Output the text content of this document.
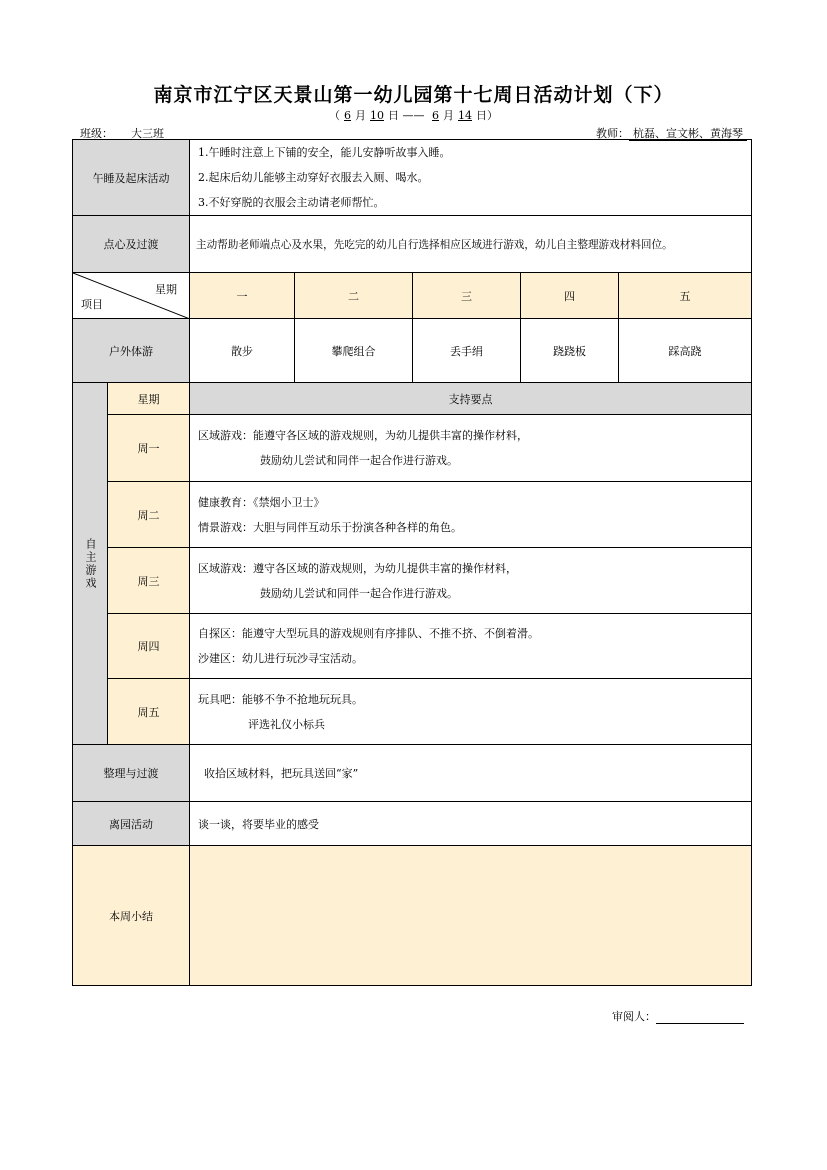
南京市江宁区天景山第一幼儿园第十七周日活动计划（下）
（ 6 月 10 日 —— 6 月 14 日）
班级： 大三班	教师： 杭磊、宣文彬、黄海琴
午睡及起床活动		1.午睡时注意上下铺的安全，能儿安静听故事入睡。
2.起床后幼儿能够主动穿好衣服去入厕、喝水。
3.不好穿脱的衣服会主动请老师帮忙。				

点心及过渡		主动帮助老师端点心及水果，先吃完的幼儿自行选择相应区域进行游戏，幼儿自主整理游戏材料回位。				

星期
项目		一	二	三	四	五
户外体游		散步	攀爬组合	丢手绢	跷跷板	踩高跷

自主游戏	星期	支持要点				
	周一	区域游戏：能遵守各区域的游戏规则，为幼儿提供丰富的操作材料，
鼓励幼儿尝试和同伴一起合作进行游戏。				

	周二	健康教育：《禁烟小卫士》
情景游戏：大胆与同伴互动乐于扮演各种各样的角色。				

	周三	区域游戏：遵守各区域的游戏规则，为幼儿提供丰富的操作材料，
鼓励幼儿尝试和同伴一起合作进行游戏。				

	周四	自探区：能遵守大型玩具的游戏规则有序排队、不推不挤、不倒着滑。
沙建区：幼儿进行玩沙寻宝活动。				

	周五	玩具吧：能够不争不抢地玩玩具。
评选礼仪小标兵				

整理与过渡		收拾区域材料，把玩具送回“家”				
离园活动		谈一谈，将要毕业的感受				
本周小结						
审阅人：
